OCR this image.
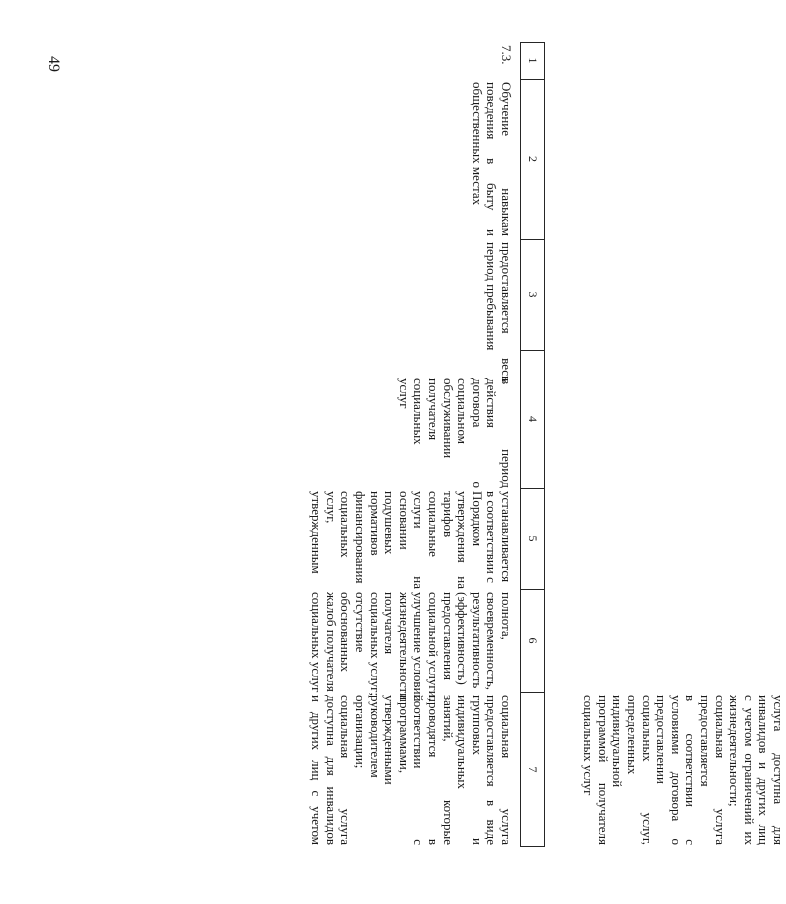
49	1
2
3
4
5
6
7
7.3.
Обучение навыкам
поведения в быту и
общественных местах
предоставляется весь
период пребывания
в период
действия
договора о
социальном
обслуживании
получателя
социальных
услуг
устанавливается
в соответствии с
Порядком
утверждения на
тарифов
социальные
услуги на
основании
подушевых
нормативов
финансирования
социальных
услуг,
утвержденным
полнота,
своевременность,
результативность
(эффективность)
предоставления
социальной услуги,
улучшение условий
жизнедеятельности
получателя
социальных услуг;
отсутствие
обоснованных
жалоб получателя
социальных услуг
социальная услуга
предоставляется в виде
групповых и
индивидуальных
занятий, которые
проводятся в
соответствии с
программами,
утвержденными
руководителем
организации;
социальная услуга
доступна для инвалидов
и других лиц с учетом	услуга доступна для
инвалидов и других лиц
с учетом ограничений их
жизнедеятельности;
социальная услуга
предоставляется
в соответствии с
условиями договора о
предоставлении
социальных услуг,
определенных
индивидуальной
программой получателя
социальных услуг
